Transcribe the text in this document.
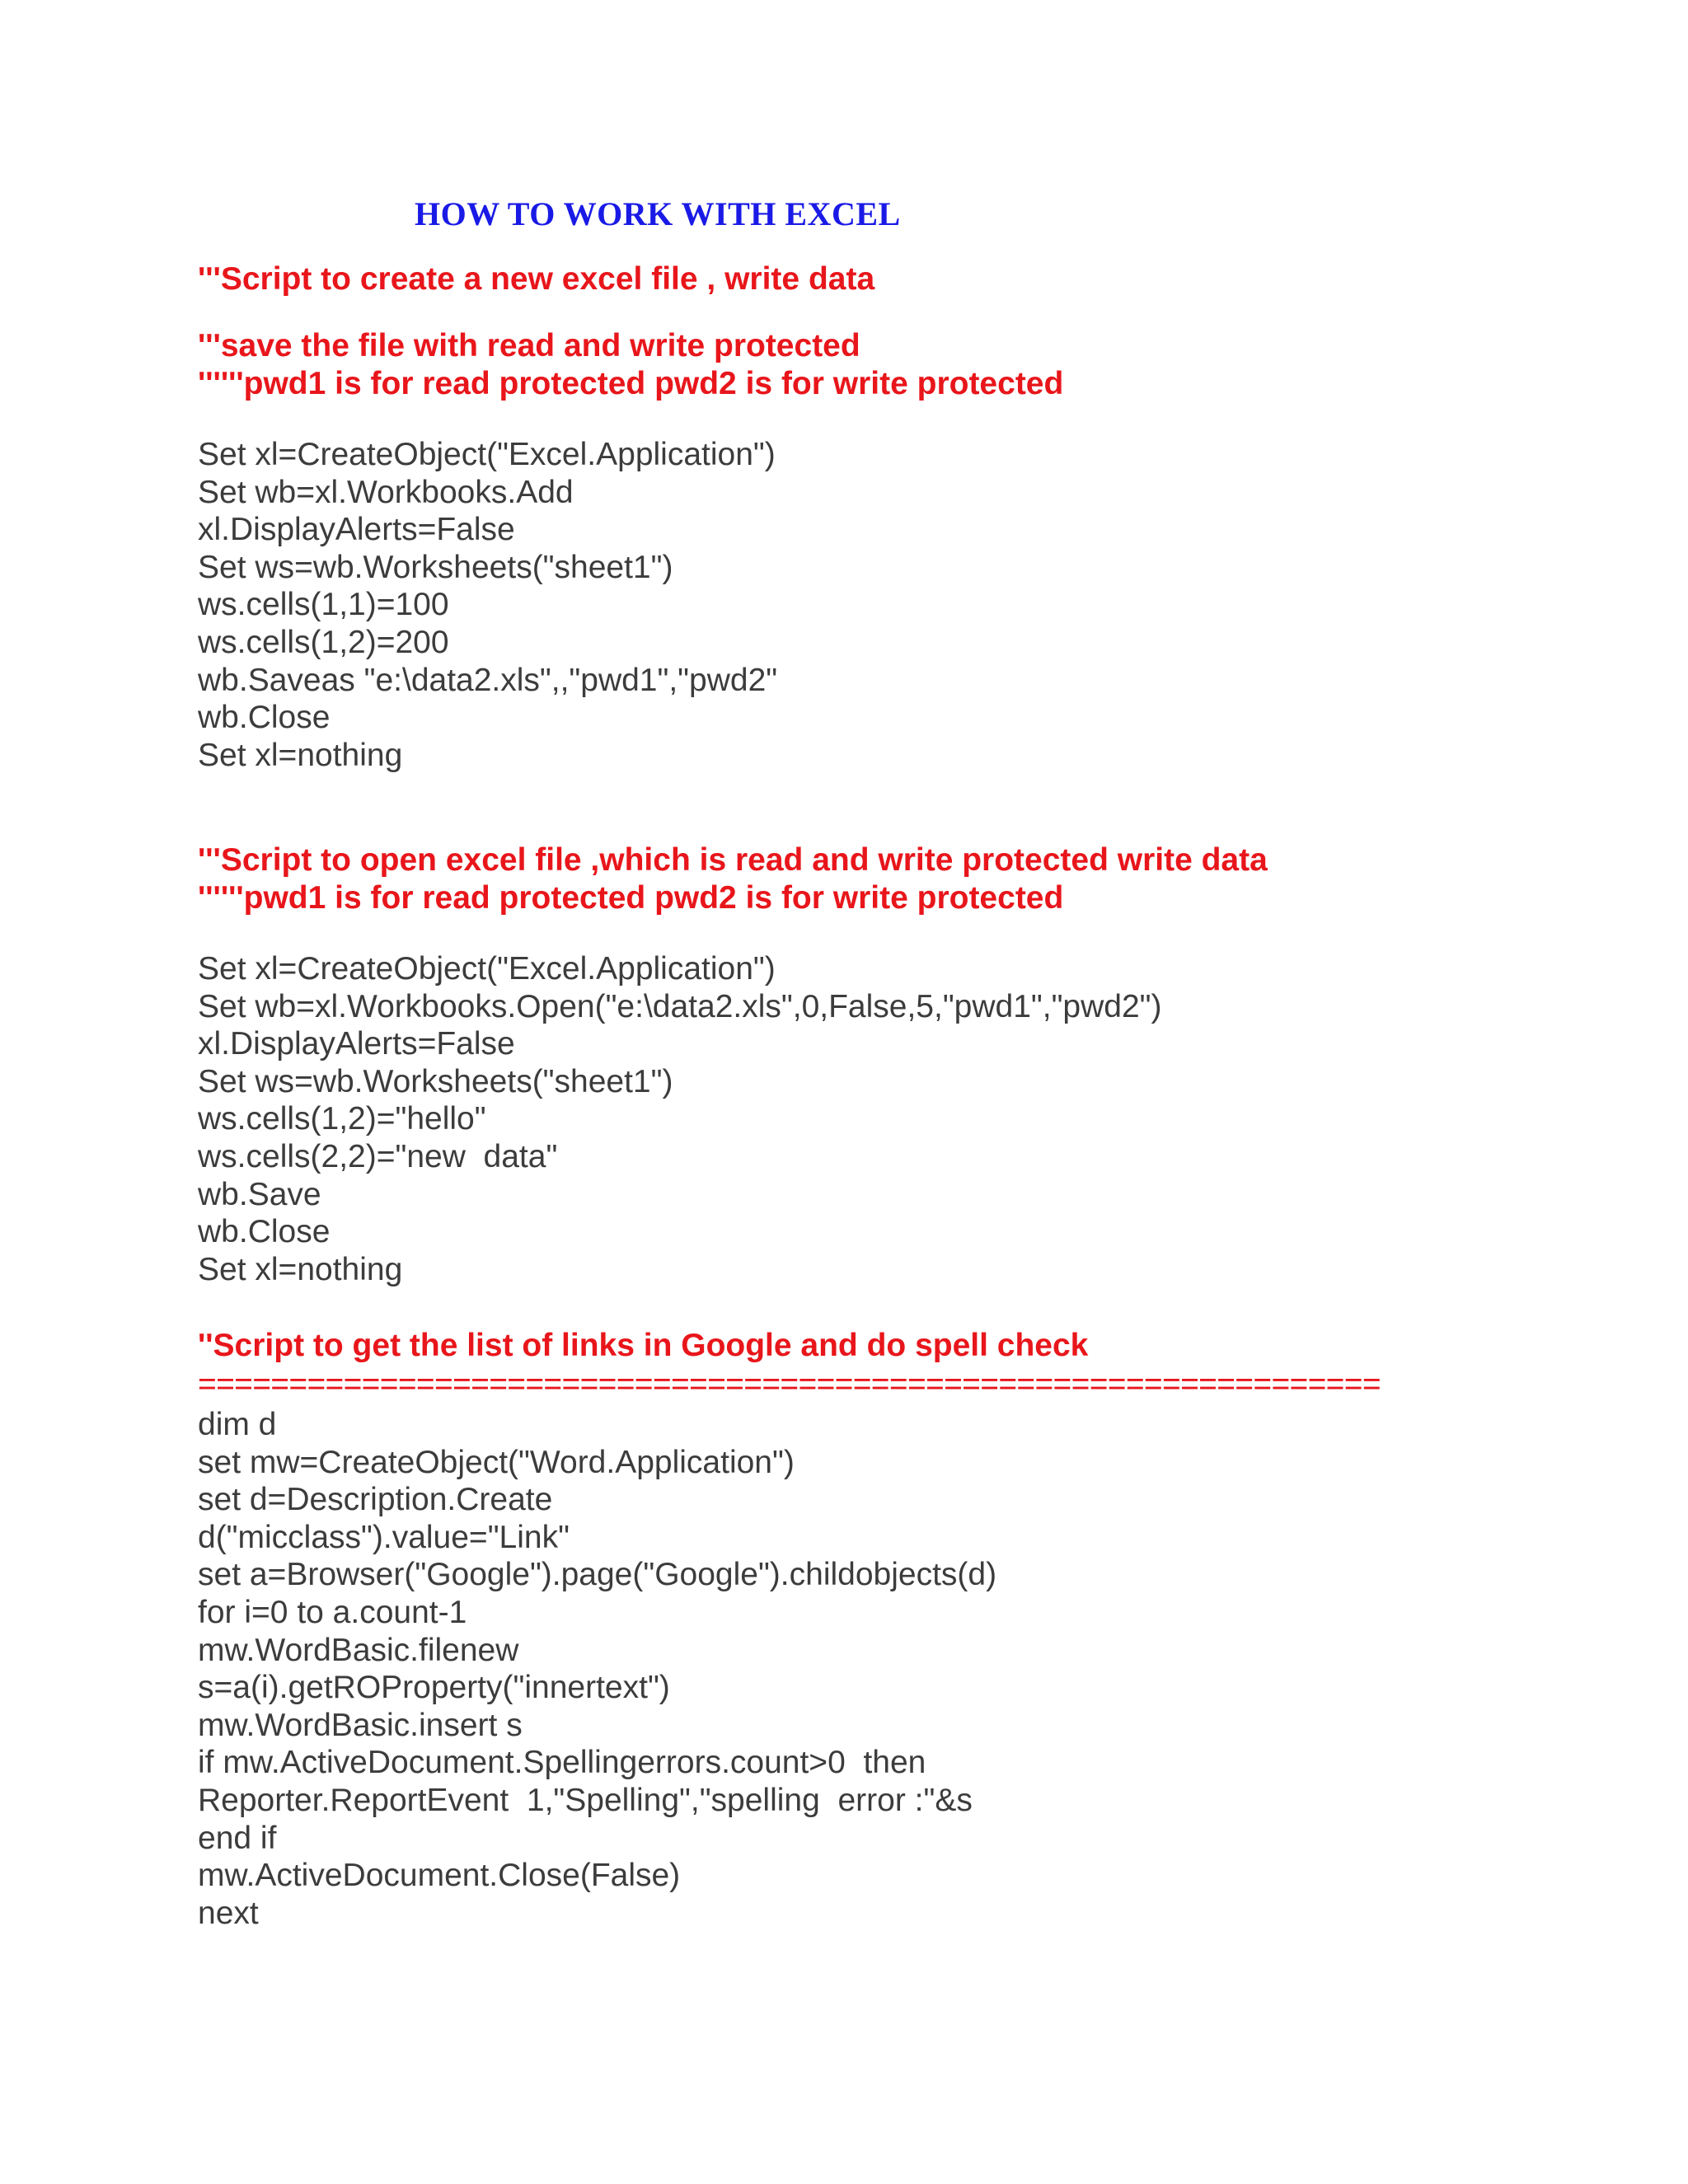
HOW TO WORK WITH EXCEL

'''Script to create a new excel file , write data

'''save the file with read and write protected

''''''pwd1 is for read protected pwd2 is for write protected

Set xl=CreateObject("Excel.Application")
Set wb=xl.Workbooks.Add
xl.DisplayAlerts=False
Set ws=wb.Worksheets("sheet1")
ws.cells(1,1)=100
ws.cells(1,2)=200
wb.Saveas "e:\data2.xls",,"pwd1","pwd2"
wb.Close
Set xl=nothing

'''Script to open excel file ,which is read and write protected write data

''''''pwd1 is for read protected pwd2 is for write protected

Set xl=CreateObject("Excel.Application")
Set wb=xl.Workbooks.Open("e:\data2.xls",0,False,5,"pwd1","pwd2")
xl.DisplayAlerts=False
Set ws=wb.Worksheets("sheet1")
ws.cells(1,2)="hello"
ws.cells(2,2)="new  data"
wb.Save
wb.Close
Set xl=nothing

''Script to get the list of links in Google and do spell check

=================================================================

dim d
set mw=CreateObject("Word.Application")
set d=Description.Create
d("micclass").value="Link"
set a=Browser("Google").page("Google").childobjects(d)
for i=0 to a.count-1
mw.WordBasic.filenew
s=a(i).getROProperty("innertext")
mw.WordBasic.insert s
if mw.ActiveDocument.Spellingerrors.count>0  then
Reporter.ReportEvent  1,"Spelling","spelling  error :"&s
end if
mw.ActiveDocument.Close(False)
next
